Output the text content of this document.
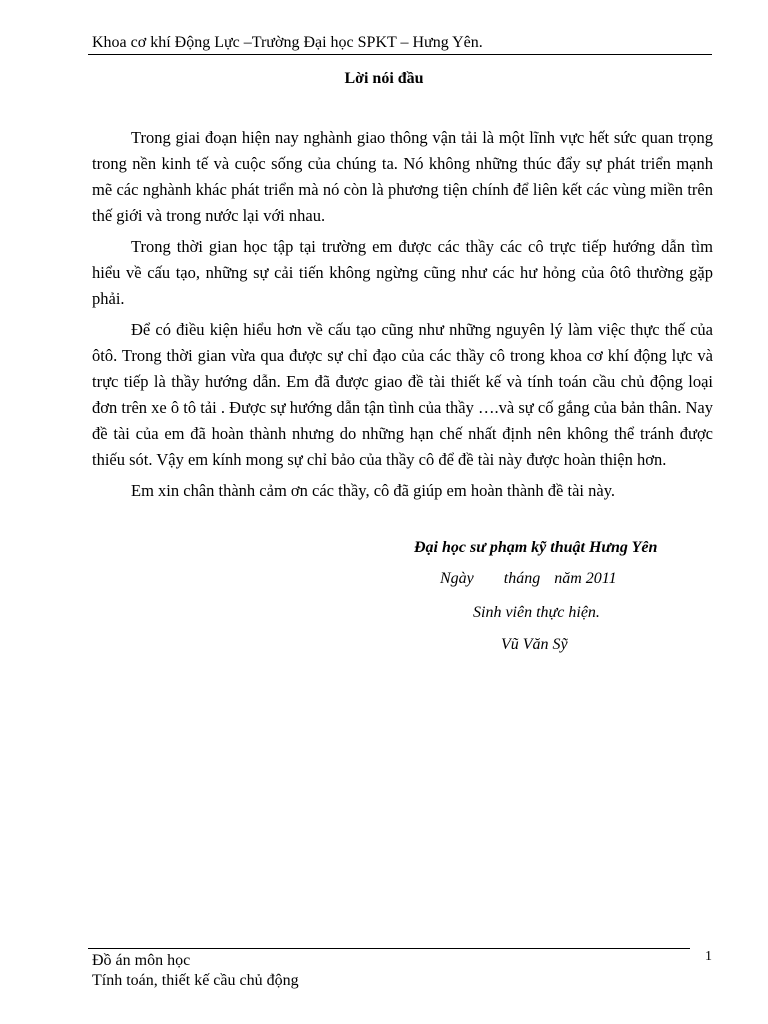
Khoa cơ khí Động Lực –Trường Đại học SPKT – Hưng Yên.
Lời nói đầu

Trong giai đoạn hiện nay nghành giao thông vận tải là một lĩnh vực hết sức quan trọng trong nền kinh tế và cuộc sống của chúng ta. Nó không những thúc đẩy sự phát triển mạnh mẽ các nghành khác phát triển mà nó còn là phương tiện chính để liên kết các vùng miền trên thế giới và trong nước lại với nhau.

Trong thời gian học tập tại trường em được các thầy các cô trực tiếp hướng dẫn tìm hiểu về cấu tạo, những sự cải tiến không ngừng cũng như các hư hỏng của ôtô thường gặp phải.

Để có điều kiện hiểu hơn về cấu tạo cũng như những nguyên lý làm việc thực thế của ôtô. Trong thời gian vừa qua được sự chỉ đạo của các thầy cô trong khoa cơ khí động lực và trực tiếp là thầy hướng dẫn. Em đã được giao đề tài thiết kế và tính toán cầu chủ động loại đơn trên xe ô tô tải . Được sự hướng dẫn tận tình của thầy ….và sự cố gắng của bản thân. Nay đề tài của em đã hoàn thành nhưng do những hạn chế nhất định nên không thể tránh được thiếu sót. Vậy em kính mong sự chỉ bảo của thầy cô để đề tài này được hoàn thiện hơn.

Em xin chân thành cảm ơn các thầy, cô đã giúp em hoàn thành đề tài này.

Đại học sư phạm kỹ thuật Hưng Yên
Ngày tháng năm 2011
Sinh viên thực hiện.
Vũ Văn Sỹ
Đồ án môn học
Tính toán, thiết kế cầu chủ động
1
